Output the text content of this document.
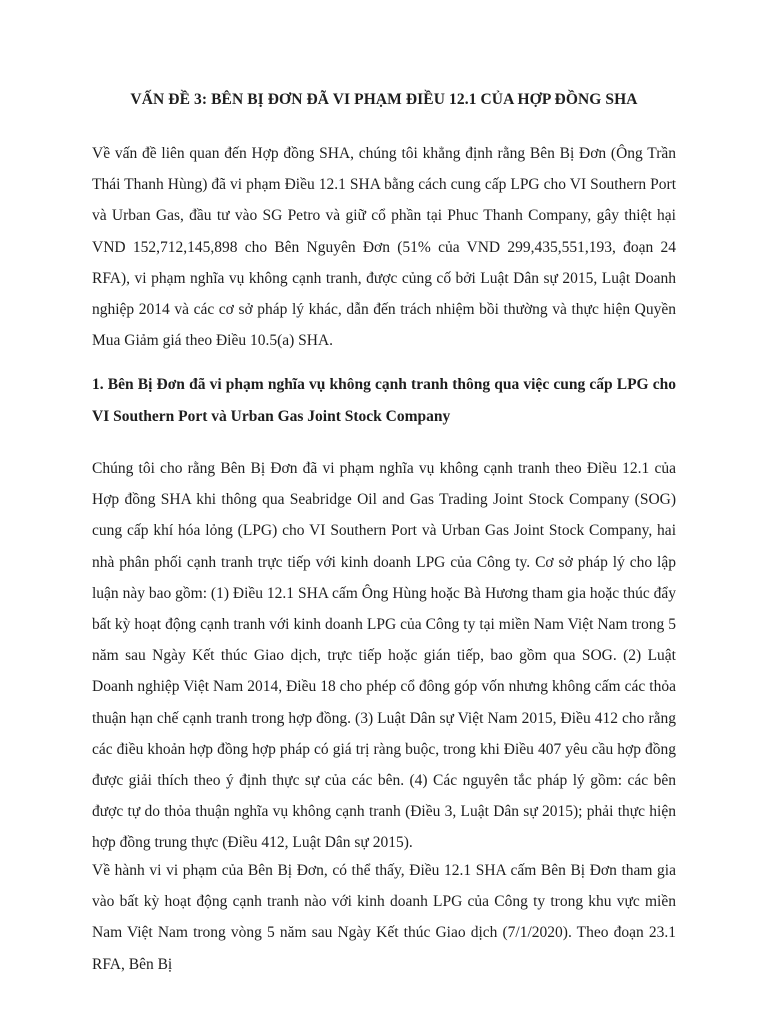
VẤN ĐỀ 3: BÊN BỊ ĐƠN ĐÃ VI PHẠM ĐIỀU 12.1 CỦA HỢP ĐỒNG SHA

Về vấn đề liên quan đến Hợp đồng SHA, chúng tôi khẳng định rằng Bên Bị Đơn (Ông Trần Thái Thanh Hùng) đã vi phạm Điều 12.1 SHA bằng cách cung cấp LPG cho VI Southern Port và Urban Gas, đầu tư vào SG Petro và giữ cổ phần tại Phuc Thanh Company, gây thiệt hại VND 152,712,145,898 cho Bên Nguyên Đơn (51% của VND 299,435,551,193, đoạn 24 RFA), vi phạm nghĩa vụ không cạnh tranh, được củng cố bởi Luật Dân sự 2015, Luật Doanh nghiệp 2014 và các cơ sở pháp lý khác, dẫn đến trách nhiệm bồi thường và thực hiện Quyền Mua Giảm giá theo Điều 10.5(a) SHA.

1. Bên Bị Đơn đã vi phạm nghĩa vụ không cạnh tranh thông qua việc cung cấp LPG cho VI Southern Port và Urban Gas Joint Stock Company

Chúng tôi cho rằng Bên Bị Đơn đã vi phạm nghĩa vụ không cạnh tranh theo Điều 12.1 của Hợp đồng SHA khi thông qua Seabridge Oil and Gas Trading Joint Stock Company (SOG) cung cấp khí hóa lỏng (LPG) cho VI Southern Port và Urban Gas Joint Stock Company, hai nhà phân phối cạnh tranh trực tiếp với kinh doanh LPG của Công ty. Cơ sở pháp lý cho lập luận này bao gồm: (1) Điều 12.1 SHA cấm Ông Hùng hoặc Bà Hương tham gia hoặc thúc đẩy bất kỳ hoạt động cạnh tranh với kinh doanh LPG của Công ty tại miền Nam Việt Nam trong 5 năm sau Ngày Kết thúc Giao dịch, trực tiếp hoặc gián tiếp, bao gồm qua SOG. (2) Luật Doanh nghiệp Việt Nam 2014, Điều 18 cho phép cổ đông góp vốn nhưng không cấm các thỏa thuận hạn chế cạnh tranh trong hợp đồng. (3) Luật Dân sự Việt Nam 2015, Điều 412 cho rằng các điều khoản hợp đồng hợp pháp có giá trị ràng buộc, trong khi Điều 407 yêu cầu hợp đồng được giải thích theo ý định thực sự của các bên. (4) Các nguyên tắc pháp lý gồm: các bên được tự do thỏa thuận nghĩa vụ không cạnh tranh (Điều 3, Luật Dân sự 2015); phải thực hiện hợp đồng trung thực (Điều 412, Luật Dân sự 2015).

Về hành vi vi phạm của Bên Bị Đơn, có thể thấy, Điều 12.1 SHA cấm Bên Bị Đơn tham gia vào bất kỳ hoạt động cạnh tranh nào với kinh doanh LPG của Công ty trong khu vực miền Nam Việt Nam trong vòng 5 năm sau Ngày Kết thúc Giao dịch (7/1/2020). Theo đoạn 23.1 RFA, Bên Bị
